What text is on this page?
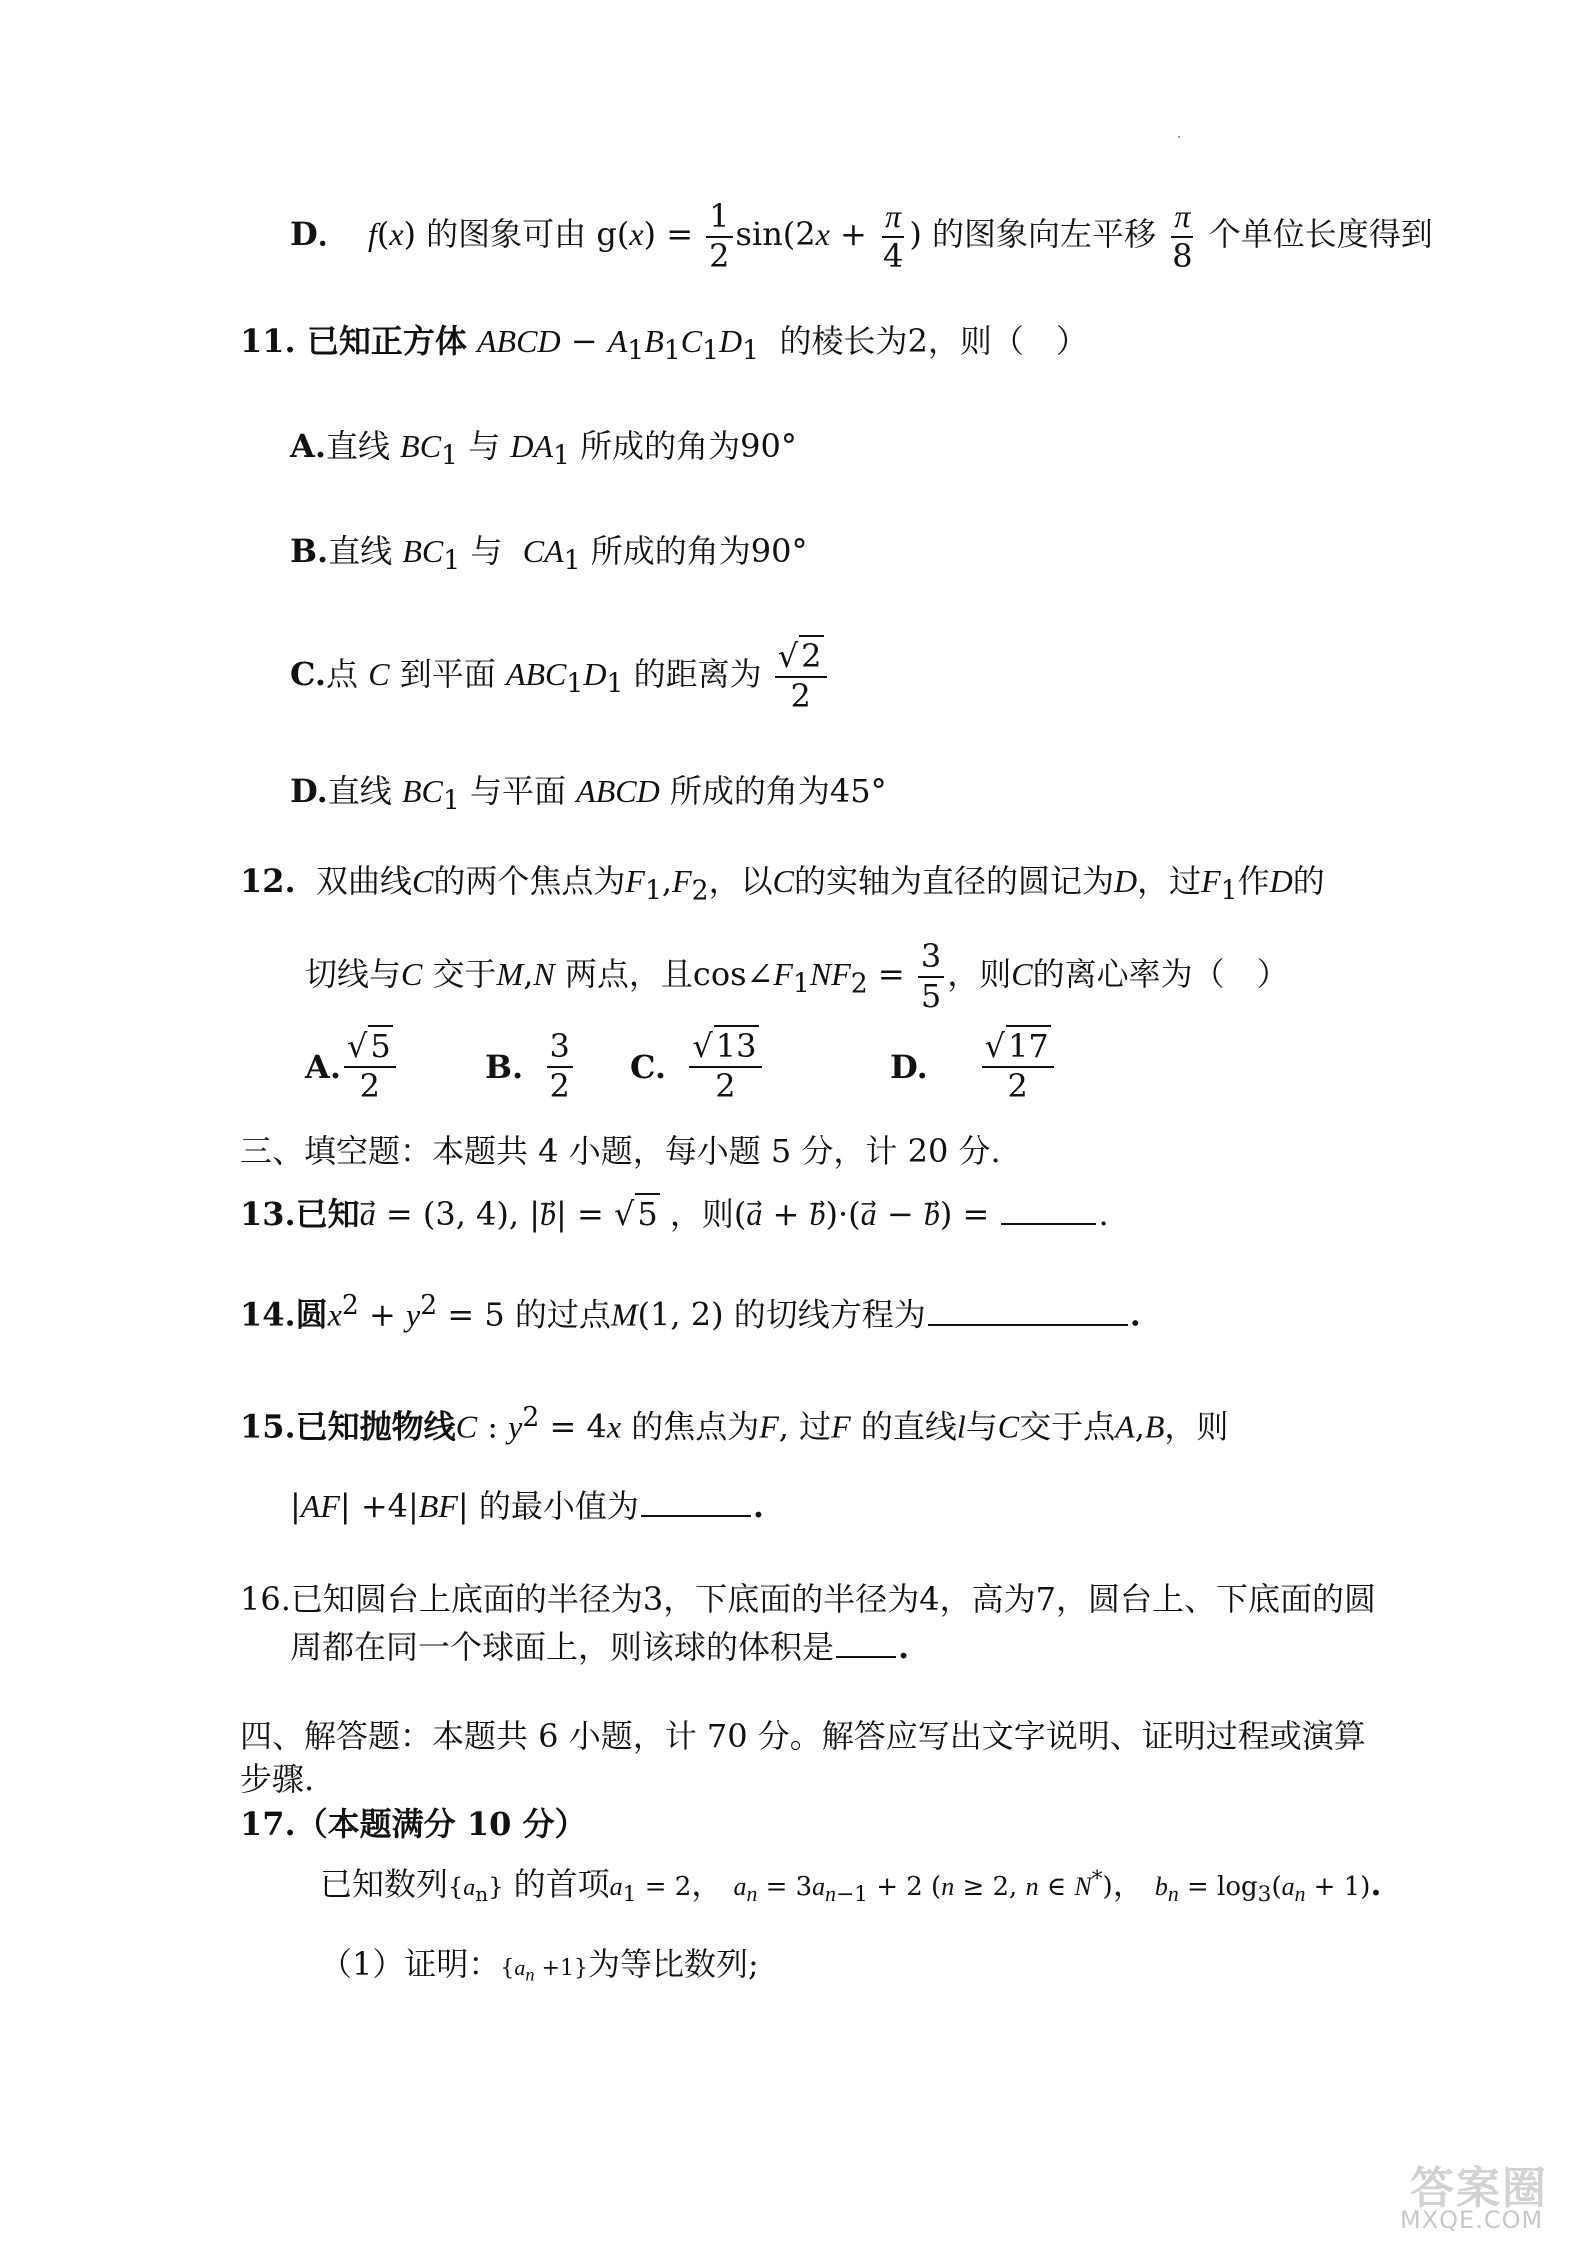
D．  f(x) 的图象可由 $g(x) = \frac{1}{2} \sin(2x + \frac{\pi}{4}$ ) 的图象向左平移 $\frac{\pi}{8}$ 个单位长度得到
11. 已知正方体 ABCD − $A_1B_1C_1D_1$ 的棱长为2，则（　）
A.直线 $BC_1$ 与 $DA_1$ 所成的角为90°
B.直线 $BC_1$ 与 $CA_1$ 所成的角为90°
C.点 C 到平面 $ABC_1D_1$ 的距离为 $\frac{√2}{2}$
D.直线 $BC_1$ 与平面 ABCD 所成的角为45°
12. 双曲线C的两个焦点为$F_1,F_2$，以C的实轴为直径的圆记为D，过$F_1$作D的
切线与C 交于M,N 两点，且$\cos\angle F_1NF_2 = \frac{3}{5}$ ，则C的离心率为（　）
A. $\frac{√5}{2}$	B.
$\frac{3}{2} C$.
$\frac{√13}{2}$	D.
$\frac{√17}{2}$
三、填空题：本题共 4 小题，每小题 5 分，计 20 分.
13.已知a⃗ = (3, 4), |b⃗| = √5 ，则(a⃗ + b⃗)·(a⃗ − b⃗) =	.
14.圆$x^2 + y^2 = 5$ 的过点M(1, 2) 的切线方程为	.
15.已知抛物线C : $y^2 = 4x$ 的焦点为F, 过F 的直线l与C交于点A,B，则
|AF| +4|BF| 的最小值为	.
16.已知圆台上底面的半径为3，下底面的半径为4，高为7，圆台上、下底面的圆
周都在同一个球面上，则该球的体积是 .
四、解答题：本题共 6 小题，计 70 分。解答应写出文字说明、证明过程或演算
步骤.
17.（本题满分 10 分）
已知数列$\{a_n\}$ 的首项$a_1 = 2$， $a_n = 3a_{n-1} + 2$ (n ≥ 2, n ∈ N*)， $b_n = \log_3(a_n + 1)$.
（1）证明：$\{a_n +1\}$为等比数列;
答案圈
MXQE.COM
